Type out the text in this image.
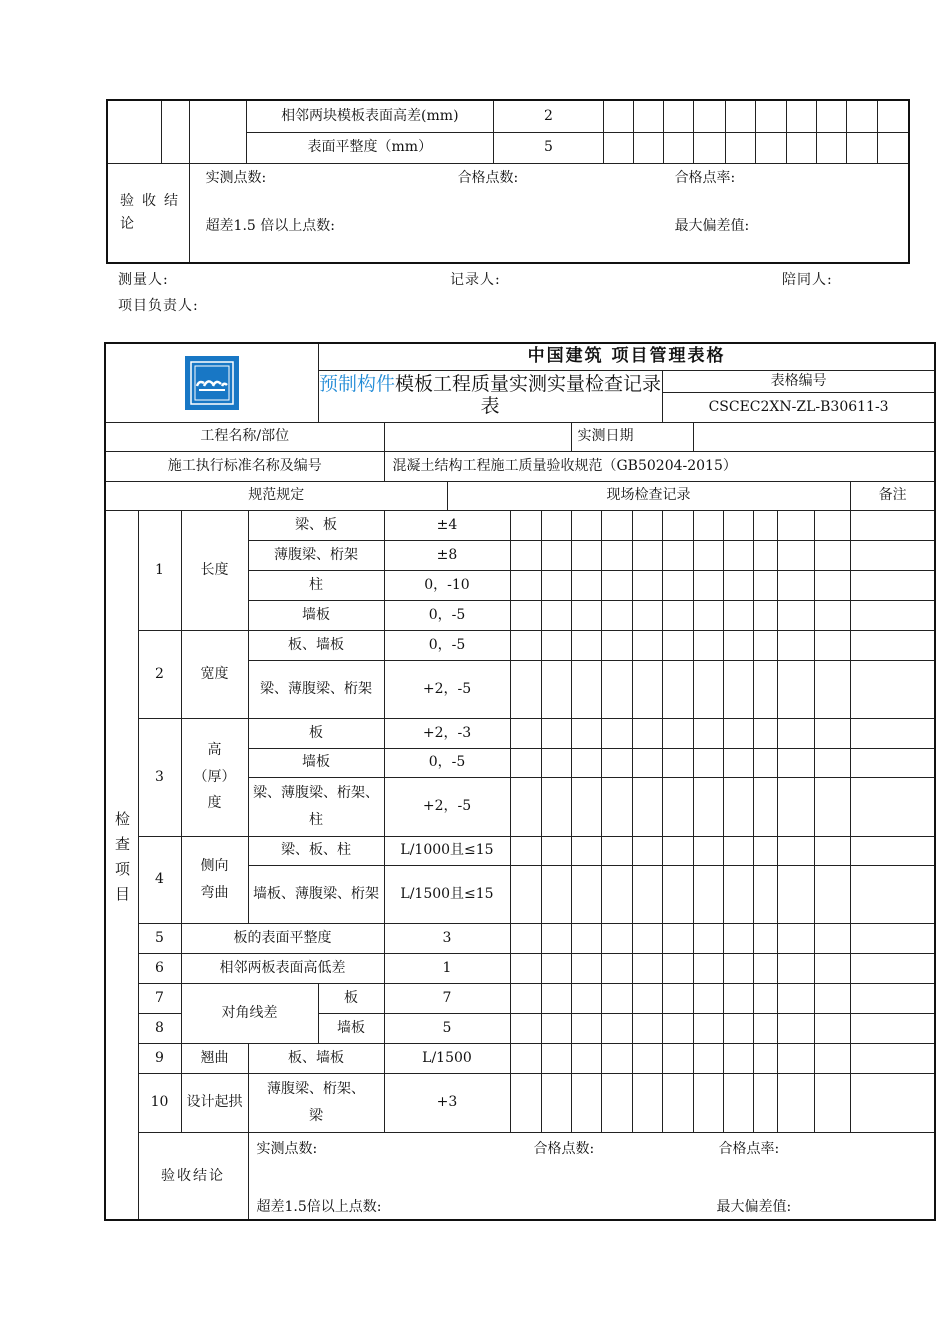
			相邻两块模板表面高差(mm)	2										
			表面平整度（mm）	5										
验收结论		实测点数: 合格点数: 合格点率:
超差1.5 倍以上点数: 最大偏差值:												
测量人:	记录人:	陪同人:
项目负责人:
	中国建筑 项目管理表格														
				预制构件模板工程质量实测实量检查记录表								表格编号						
												CSCEC2XN-ZL-B30611-3						
工程名称/部位									实测日期									
施工执行标准名称及编号					混凝土结构工程施工质量验收规范（GB50204-2015）													
规范规定						现场检查记录												备注
检查项目	1	长度	梁、板		±4													
			薄腹梁、桁架		±8													
			柱		0，-10													
			墙板		0，-5													
	2	宽度	板、墙板		0，-5													
			梁、薄腹梁、桁架		+2，-5													
	3	高（厚）度	板		+2，-3													
			墙板		0，-5													
			梁、薄腹梁、桁架、柱		+2，-5													
	4	侧向弯曲	梁、板、柱		L/1000且≤15													
			墙板、薄腹梁、桁架		L/1500且≤15													
	5	板的表面平整度			3													
	6	相邻两板表面高低差			1													
	7	对角线差		板	7													
	8			墙板	5													
	9	翘曲	板、墙板		L/1500													
	10	设计起拱	薄腹梁、桁架、梁		+3													
	验收结论		实测点数: 合格点数: 合格点率:
超差1.5倍以上点数: 最大偏差值:															
